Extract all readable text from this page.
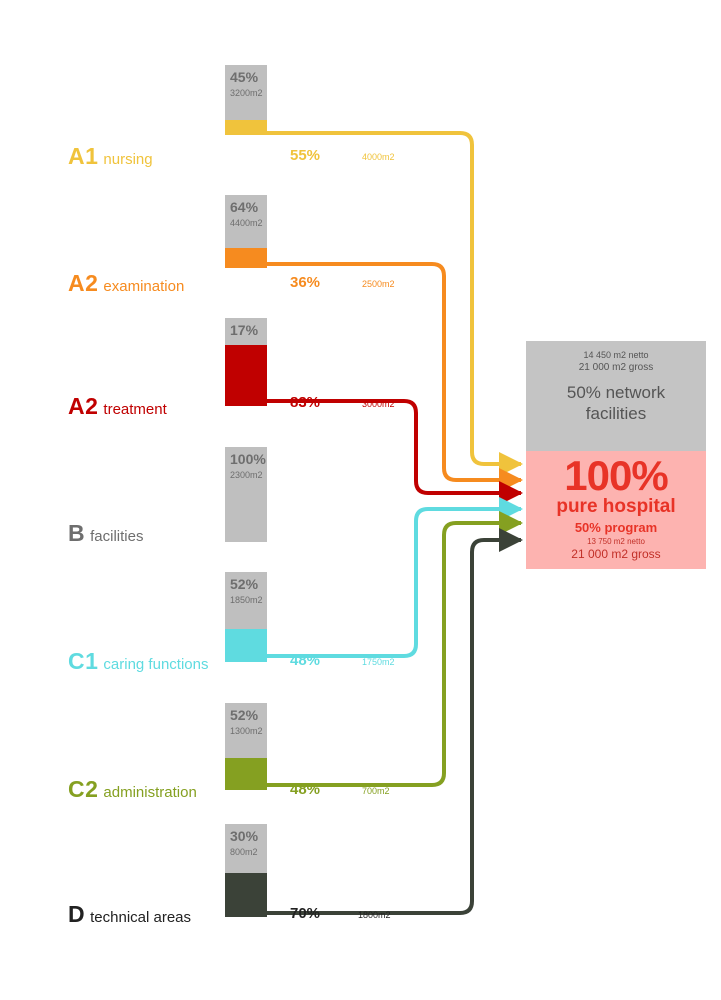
A1 nursing
45%
3200m2
55%	4000m2
A2 examination
64%
4400m2
36%	2500m2
A2 treatment
17%
83%	3000m2
Bfacilities
100%
2300m2
C1 caring functions
52%
1850m2
48%	1750m2
C2 administration
52%
1300m2
48%	700m2
Dtechnical areas
30%
800m2
70%	1800m2
14 450 m2 netto
21 000 m2 gross
50% network
facilities
100%
pure hospital
50% program
13 750 m2 netto
21 000 m2 gross
